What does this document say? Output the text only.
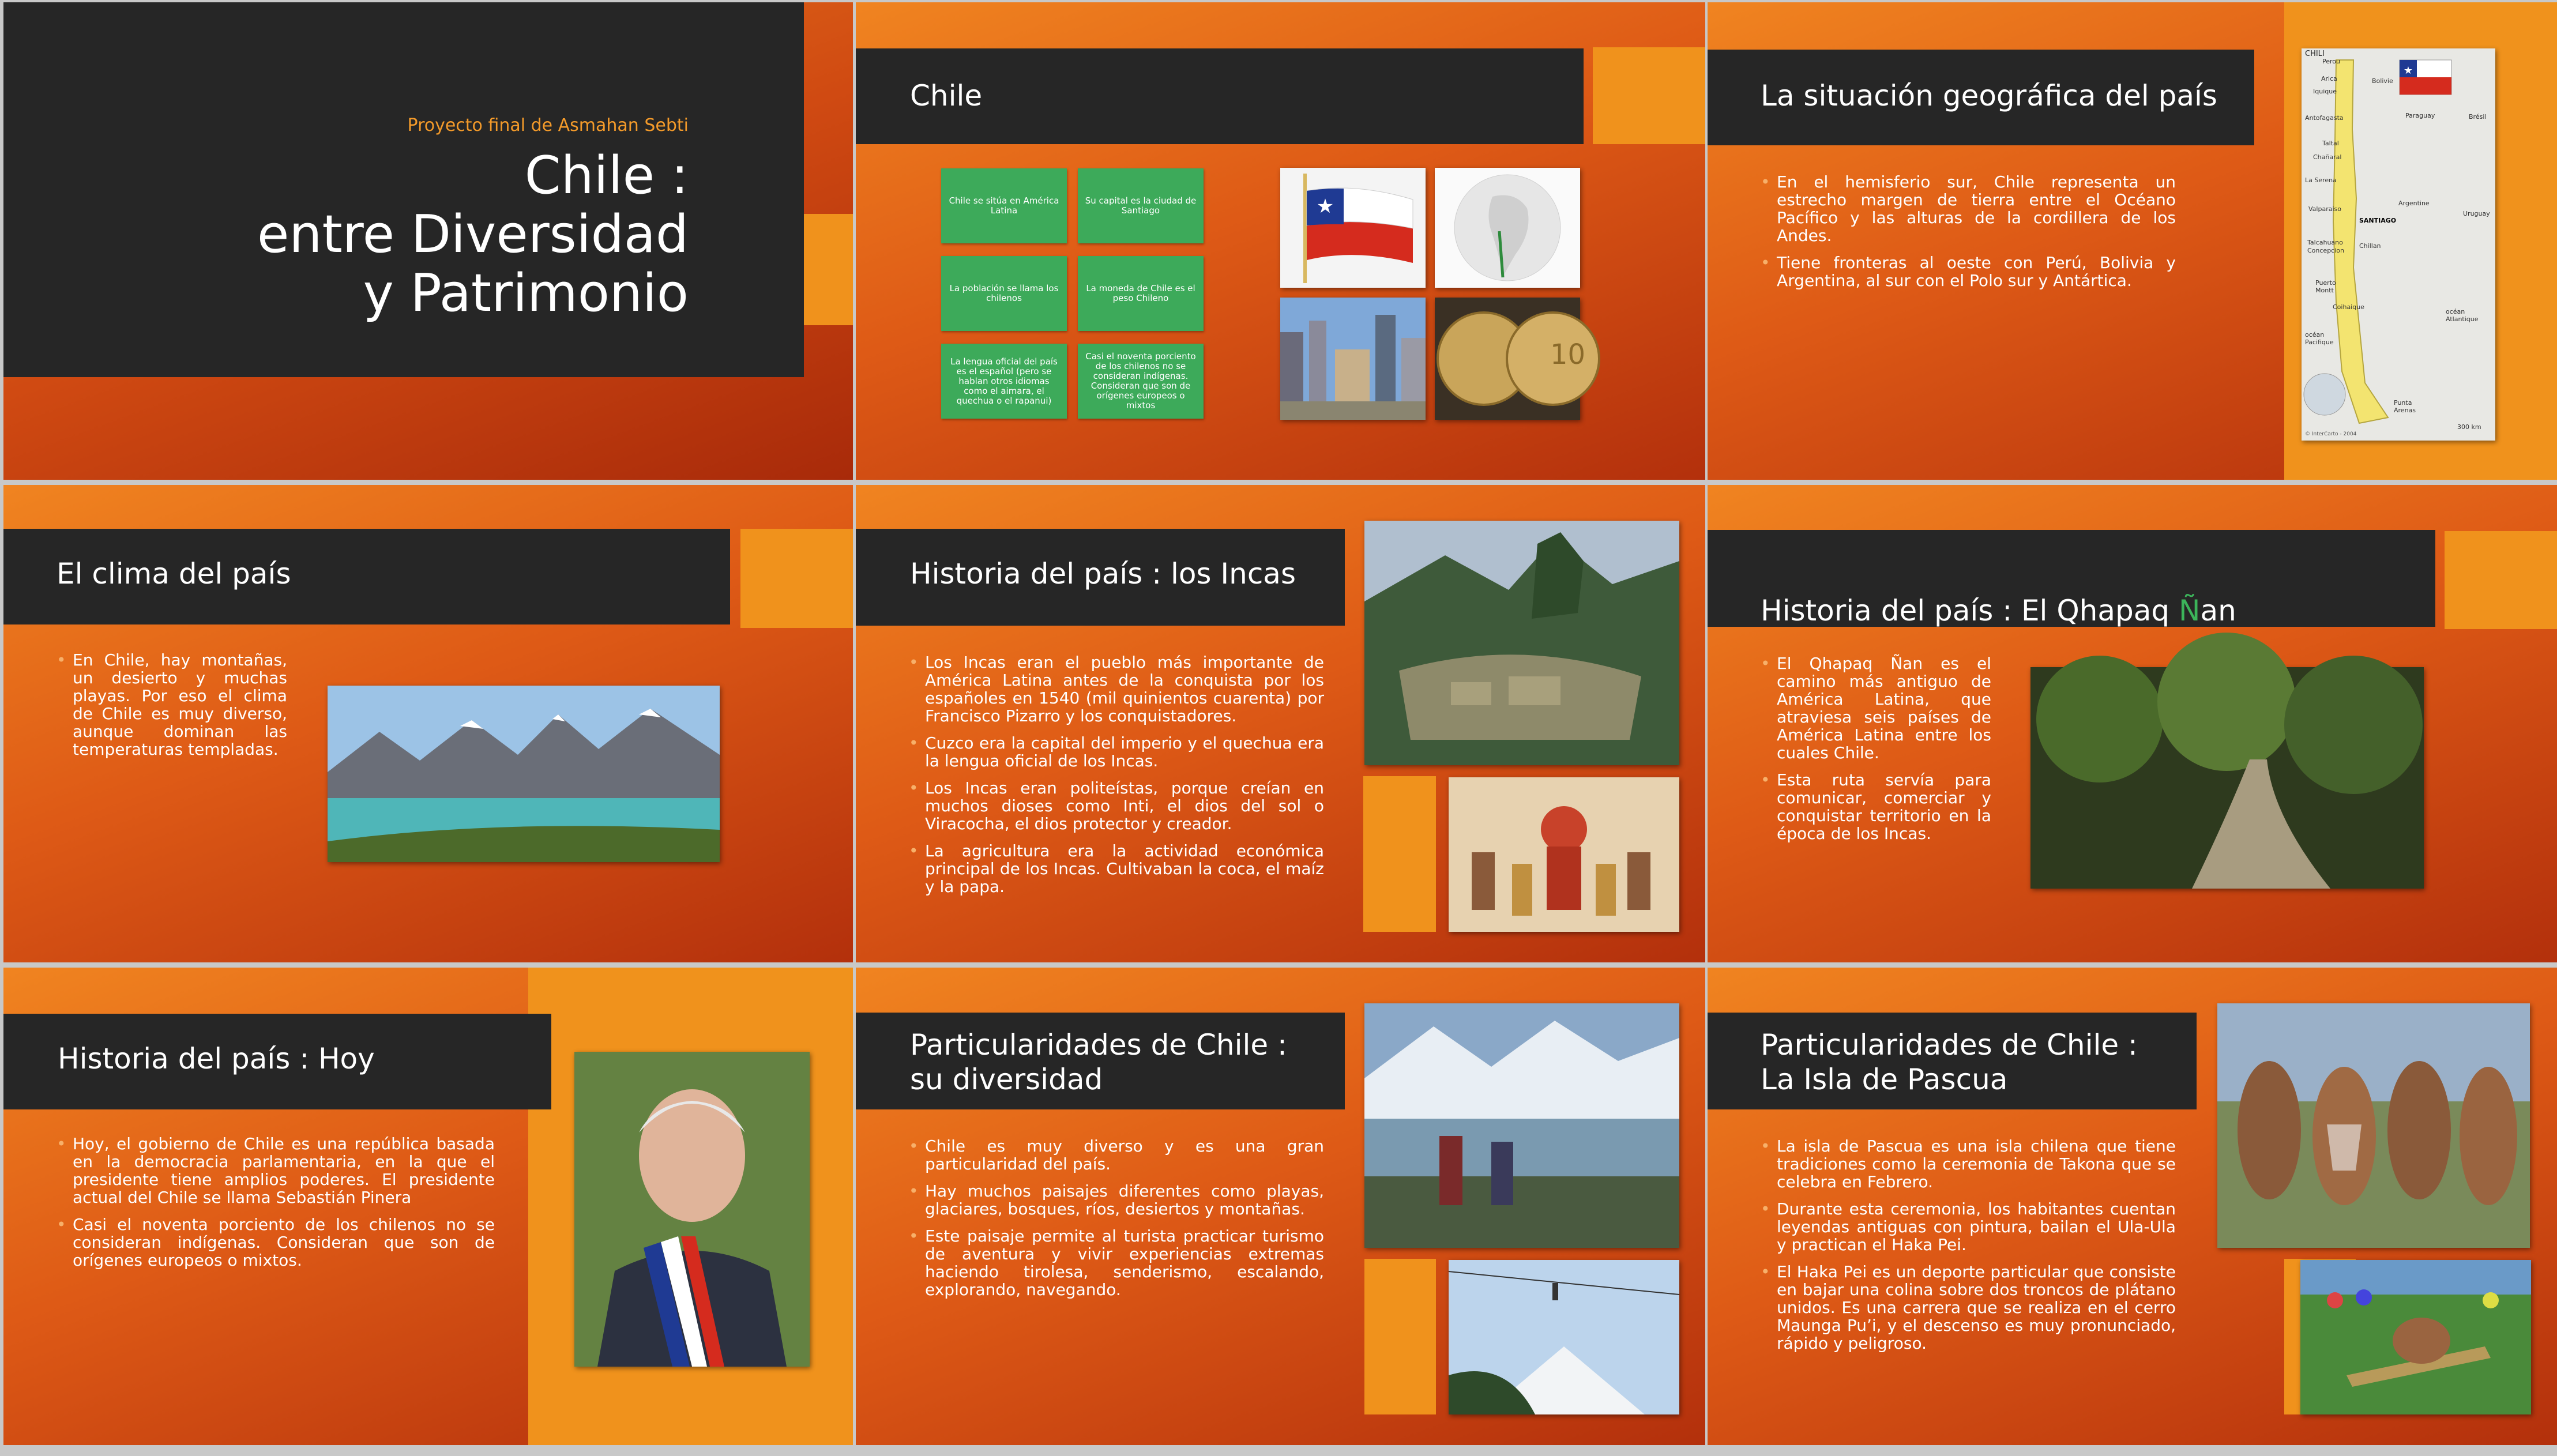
Proyecto final de Asmahan Sebti
Chile :
entre Diversidad
y Patrimonio
Chile
Chile se sitúa en América Latina
Su capital es la ciudad de Santiago
La población se llama los chilenos
La moneda de Chile es el peso Chileno
La lengua oficial del país es el español (pero se hablan otros idiomas como el aimara, el quechua o el rapanui)
Casi el noventa porciento de los chilenos no se consideran indígenas. Consideran que son de orígenes europeos o mixtos
★
10
La situación geográfica del país
• En el hemisferio sur, Chile representa un estrecho margen de tierra entre el Océano Pacífico y las alturas de la cordillera de los Andes.
• Tiene fronteras al oeste con Perú, Bolivia y Argentina, al sur con el Polo sur y Antártica.
★
CHILI
Perou
Bolivie
Arica
Iquique
Paraguay	Brésil
Antofagasta
Taltal
Chañaral
La Serena
Argentine
Valparaiso
SANTIAGO
Uruguay
Talcahuano
Concepcion
Chillan
Puerto Montt
Coihaique
océan Pacifique
océan Atlantique
Punta Arenas
300 km
© InterCarto - 2004
El clima del país
• En Chile, hay montañas, un desierto y muchas playas. Por eso el clima de Chile es muy diverso, aunque dominan las temperaturas templadas.
Historia del país : los Incas
• Los Incas eran el pueblo más importante de América Latina antes de la conquista por los españoles en 1540 (mil quinientos cuarenta) por Francisco Pizarro y los conquistadores.
• Cuzco era la capital del imperio y el quechua era la lengua oficial de los Incas.
• Los Incas eran politeístas, porque creían en muchos dioses como Inti, el dios del sol o Viracocha, el dios protector y creador.
• La agricultura era la actividad económica principal de los Incas. Cultivaban la coca, el maíz y la papa.

Historia del país : El Qhapaq Ñan

• El Qhapaq Ñan es el camino más antiguo de América Latina, que atraviesa seis países de América Latina entre los cuales Chile.
• Esta ruta servía para comunicar, comerciar y conquistar territorio en la época de los Incas.
Historia del país : Hoy
• Hoy, el gobierno de Chile es una república basada en la democracia parlamentaria, en la que el presidente tiene amplios poderes. El presidente actual del Chile se llama Sebastián Pinera
• Casi el noventa porciento de los chilenos no se consideran indígenas. Consideran que son de orígenes europeos o mixtos.
Particularidades de Chile :
su diversidad
• Chile es muy diverso y es una gran particularidad del país.
• Hay muchos paisajes diferentes como playas, glaciares, bosques, ríos, desiertos y montañas.
• Este paisaje permite al turista practicar turismo de aventura y vivir experiencias extremas haciendo tirolesa, senderismo, escalando, explorando, navegando.
Particularidades de Chile :
La Isla de Pascua
• La isla de Pascua es una isla chilena que tiene tradiciones como la ceremonia de Takona que se celebra en Febrero.
• Durante esta ceremonia, los habitantes cuentan leyendas antiguas con pintura, bailan el Ula-Ula y practican el Haka Pei.
• El Haka Pei es un deporte particular que consiste en bajar una colina sobre dos troncos de plátano unidos. Es una carrera que se realiza en el cerro Maunga Pu’i, y el descenso es muy pronunciado, rápido y peligroso.
